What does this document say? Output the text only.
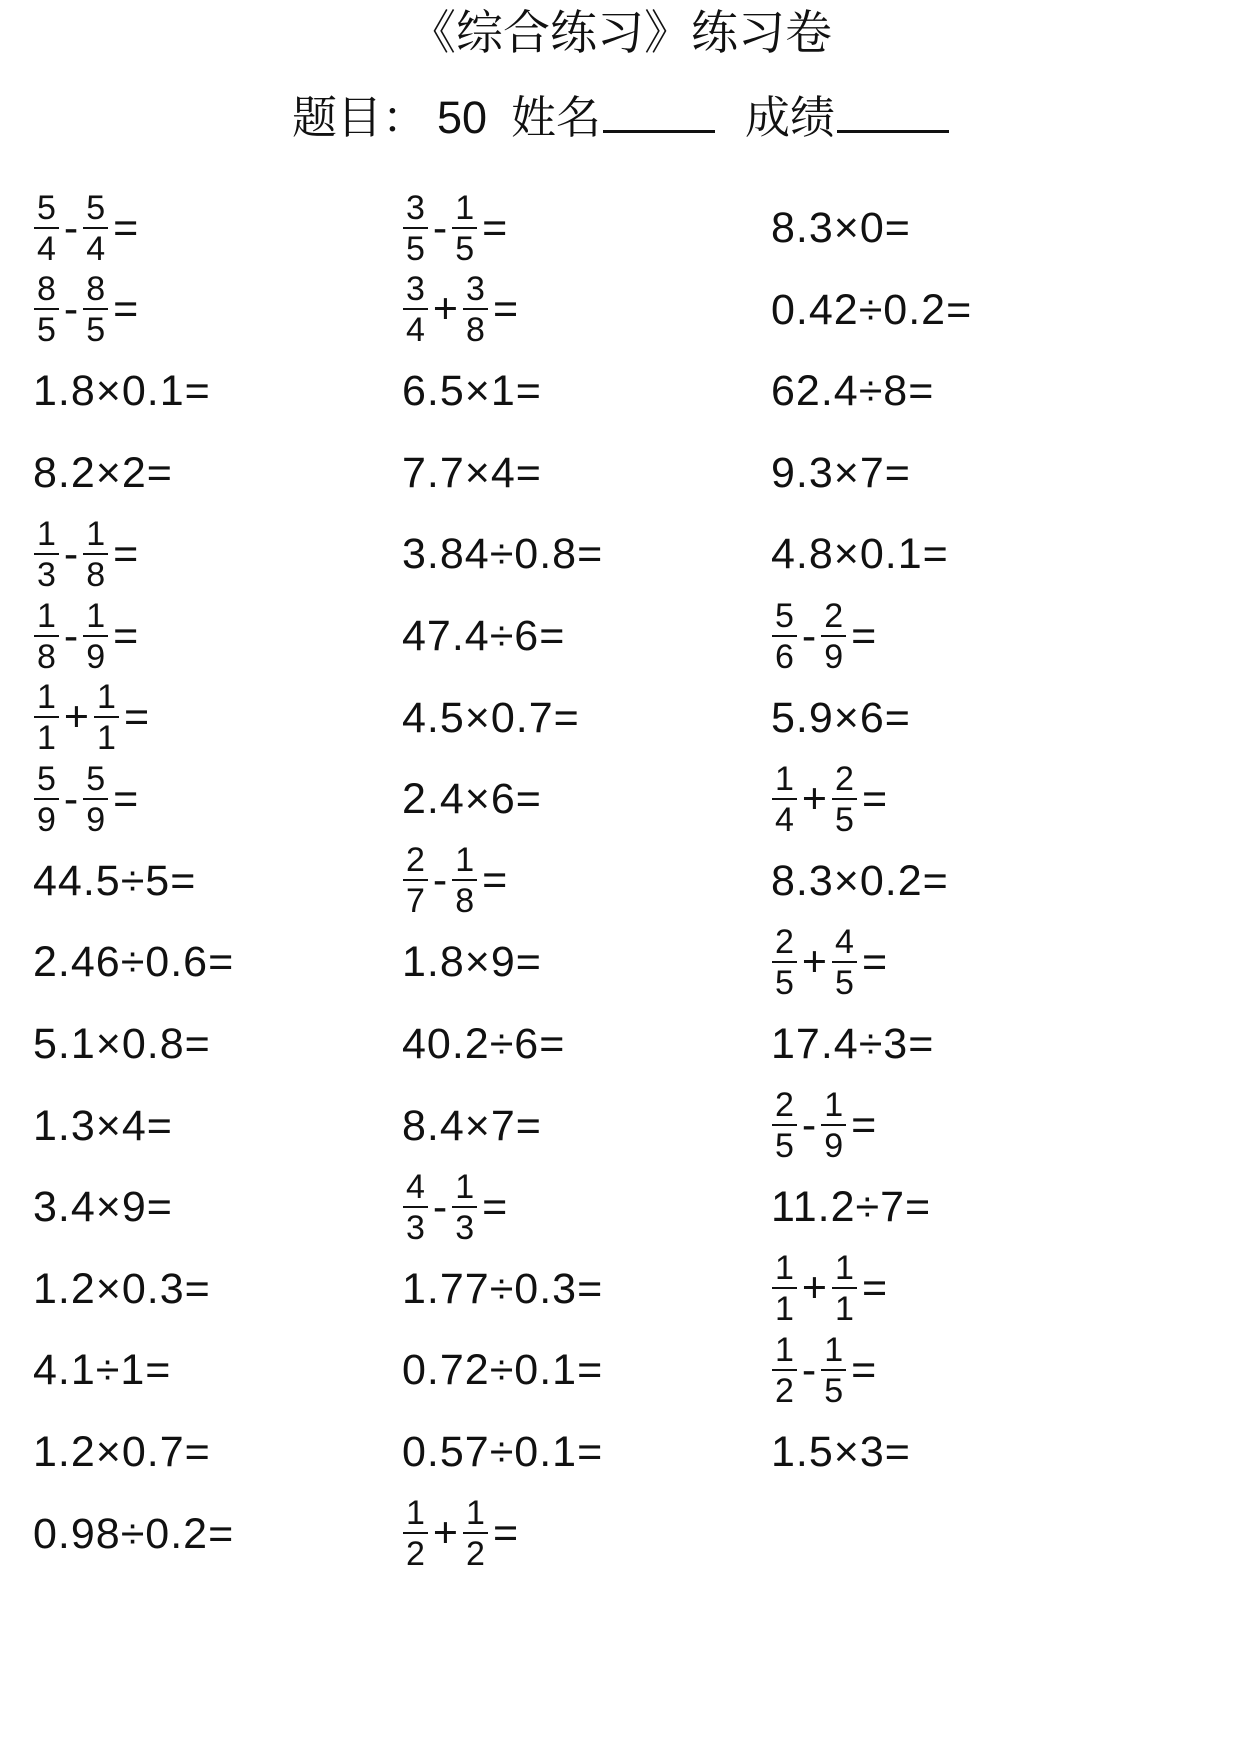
《综合练习》练习卷
题目： 50 姓名	成绩
$\frac{5}{4} - \frac{5}{4}$ =	$\frac{3}{5} - \frac{1}{5}$ =	8.3×0=
$\frac{8}{5} - \frac{8}{5}$ =	$\frac{3}{4} + \frac{3}{8}$ =	0.42÷0.2=
1.8×0.1=	6.5×1=	62.4÷8=
8.2×2=	7.7×4=	9.3×7=
$\frac{1}{3} - \frac{1}{8}$ =	3.84÷0.8=	4.8×0.1=
$\frac{1}{8} - \frac{1}{9}$ =	47.4÷6=	$\frac{5}{6} - \frac{2}{9}$ =
$\frac{1}{1} + \frac{1}{1}$ =	4.5×0.7=	5.9×6=
$\frac{5}{9} - \frac{5}{9}$ =	2.4×6=	$\frac{1}{4} + \frac{2}{5}$ =
44.5÷5=	$\frac{2}{7} - \frac{1}{8}$ =	8.3×0.2=
2.46÷0.6=	1.8×9=	$\frac{2}{5} + \frac{4}{5}$ =
5.1×0.8=	40.2÷6=	17.4÷3=
1.3×4=	8.4×7=	$\frac{2}{5} - \frac{1}{9}$ =
3.4×9=	$\frac{4}{3} - \frac{1}{3}$ =	11.2÷7=
1.2×0.3=	1.77÷0.3=	$\frac{1}{1} + \frac{1}{1}$ =
4.1÷1=	0.72÷0.1=	$\frac{1}{2} - \frac{1}{5}$ =
1.2×0.7=	0.57÷0.1=	1.5×3=
0.98÷0.2=	$\frac{1}{2} + \frac{1}{2}$ =
